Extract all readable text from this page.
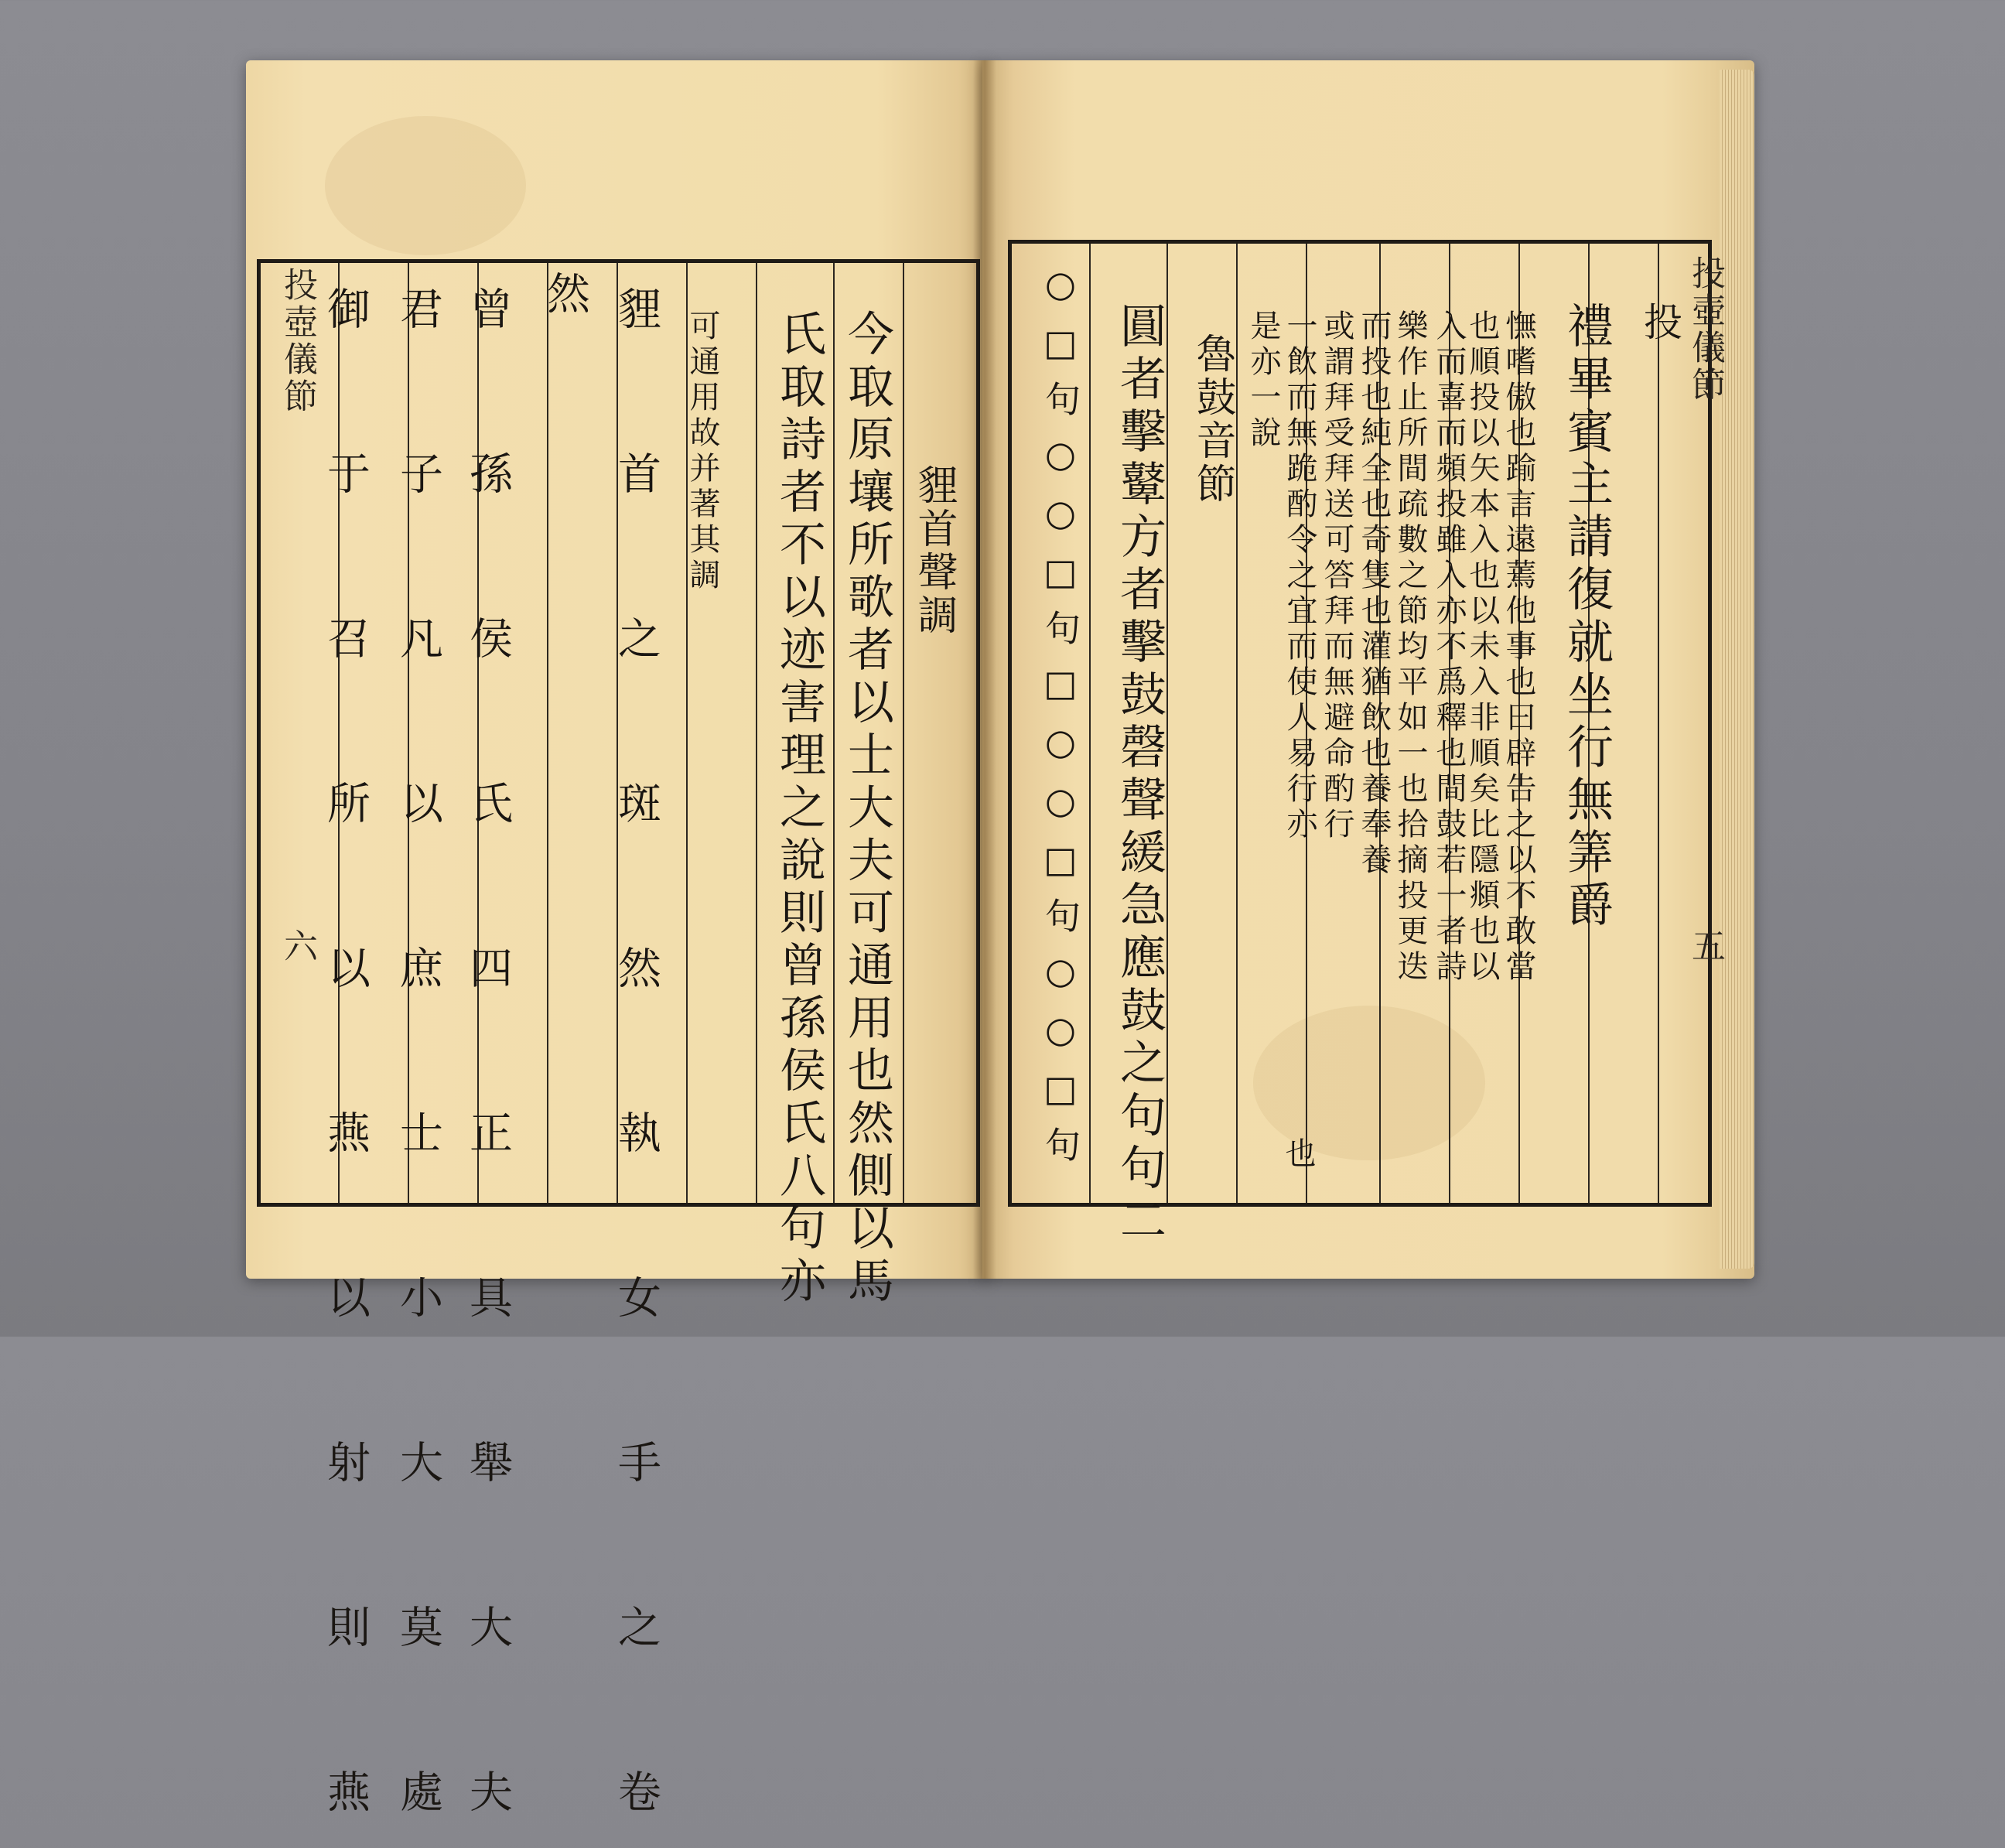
投壺儀節
六
貍首聲調
今取原壤所歌者以士大夫可通用也然側以馬
氏取詩者不以迹害理之說則曾孫侯氏八句亦
可通用故并著其調
貍 首 之 斑 然 執 女 手 之 卷
然
曾 孫 侯 氏 四 正 具 舉 大 夫
君 子 凡 以 庶 士 小 大 莫 處
御 于 召 所 以 燕 以 射 則 燕	投壺儀節
五
投
禮畢賓主請復就坐行無筭爵
憮嗜傲也踰言遠蔫他事也曰辟告之以不敢當
也順投以矢本入也以未入非順矣比隱頫也以
入而喜而頻投雖入亦不爲釋也間鼓若一者詩
樂作止所間疏數之節均平如一也拾摘投更迭
而投也純全也奇隻也灌猶飲也養奉養
或謂拜受拜送可答拜而無避命酌行
一飲而無跪酌令之宜而使人易行亦
是亦一說
也
魯鼓音節
圓者擊鼙方者擊鼓磬聲緩急應鼓之句句二
○□句○○□句□○○□句○○□句
